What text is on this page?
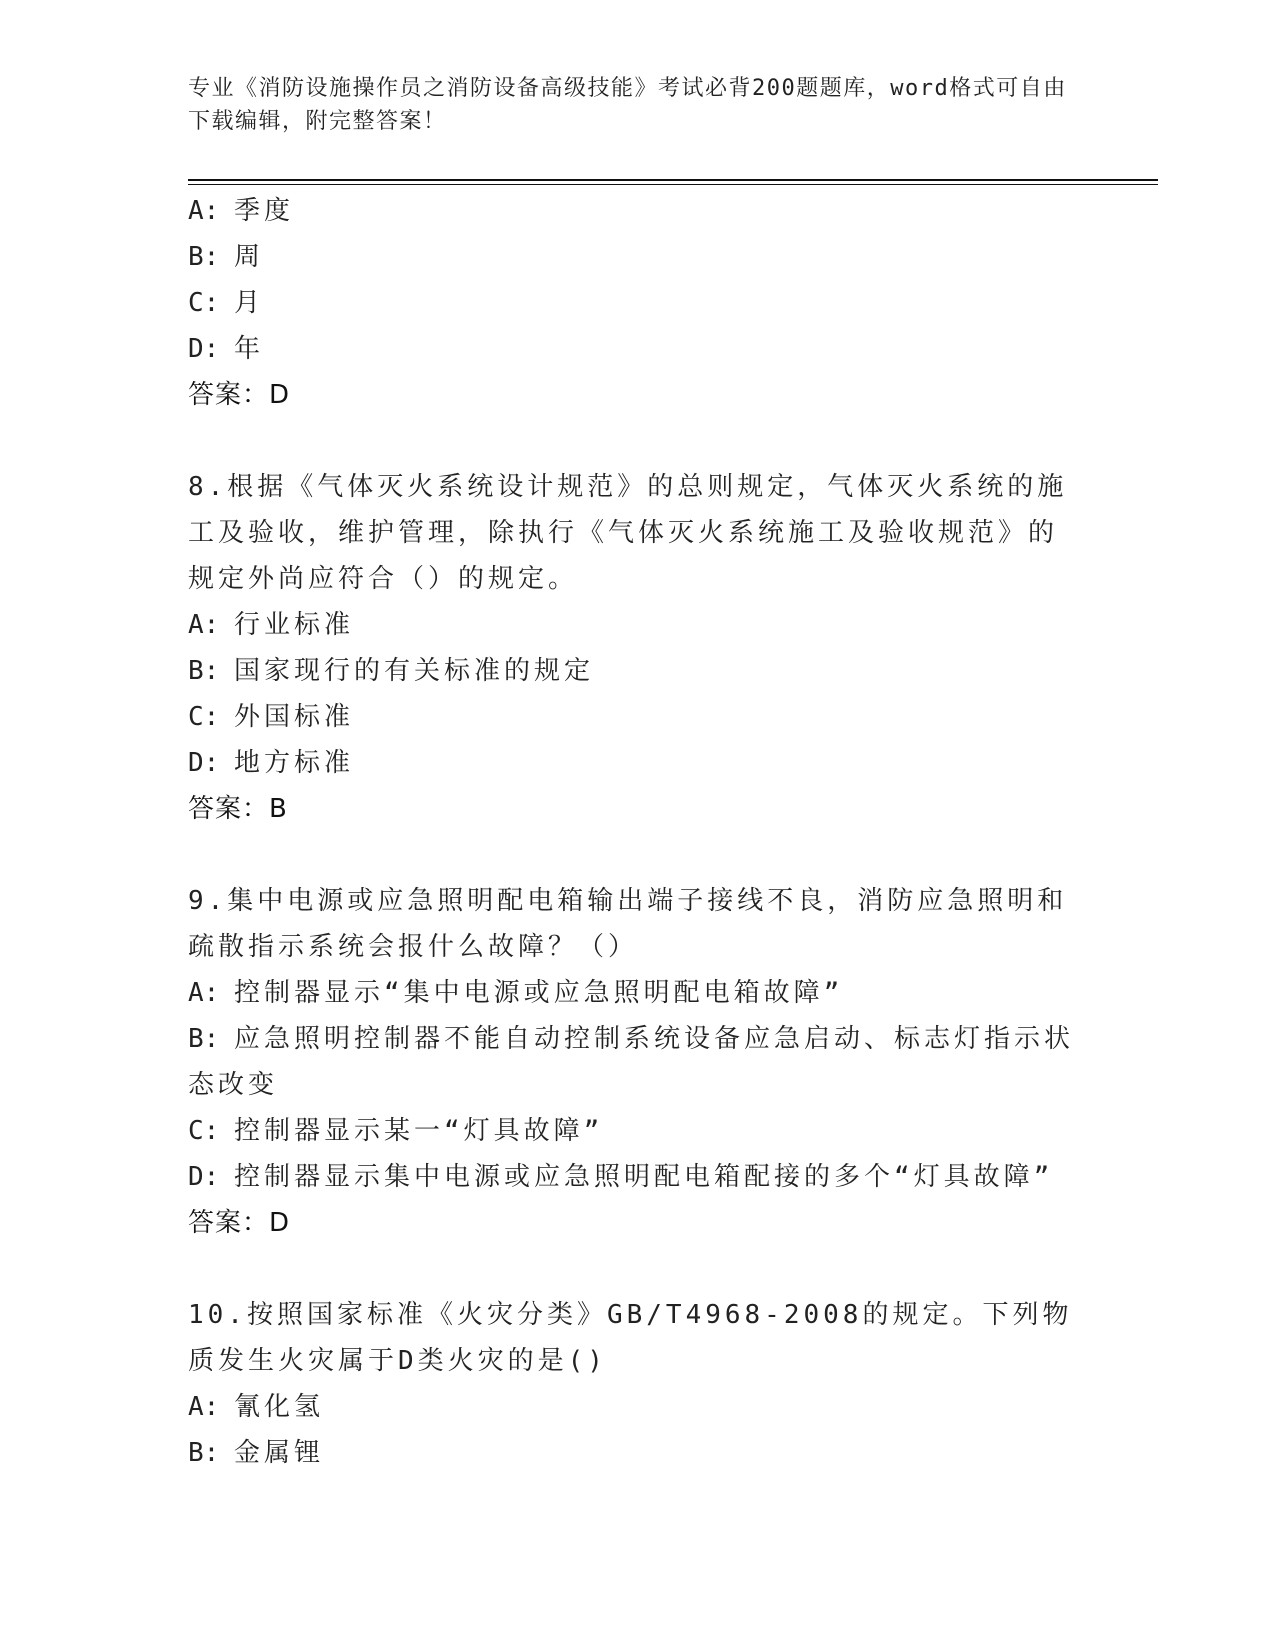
专业《消防设施操作员之消防设备高级技能》考试必背200题题库，word格式可自由下载编辑，附完整答案！
A: 季度
B: 周
C: 月
D: 年
答案：D
8.根据《气体灭火系统设计规范》的总则规定，气体灭火系统的施工及验收，维护管理，除执行《气体灭火系统施工及验收规范》的规定外尚应符合（）的规定。
A: 行业标准
B: 国家现行的有关标准的规定
C: 外国标准
D: 地方标准
答案：B
9.集中电源或应急照明配电箱输出端子接线不良，消防应急照明和疏散指示系统会报什么故障？（）
A: 控制器显示“集中电源或应急照明配电箱故障”
B: 应急照明控制器不能自动控制系统设备应急启动、标志灯指示状态改变
C: 控制器显示某一“灯具故障”
D: 控制器显示集中电源或应急照明配电箱配接的多个“灯具故障”
答案：D
10.按照国家标准《火灾分类》GB/T4968-2008的规定。下列物质发生火灾属于D类火灾的是()
A: 氰化氢
B: 金属锂
